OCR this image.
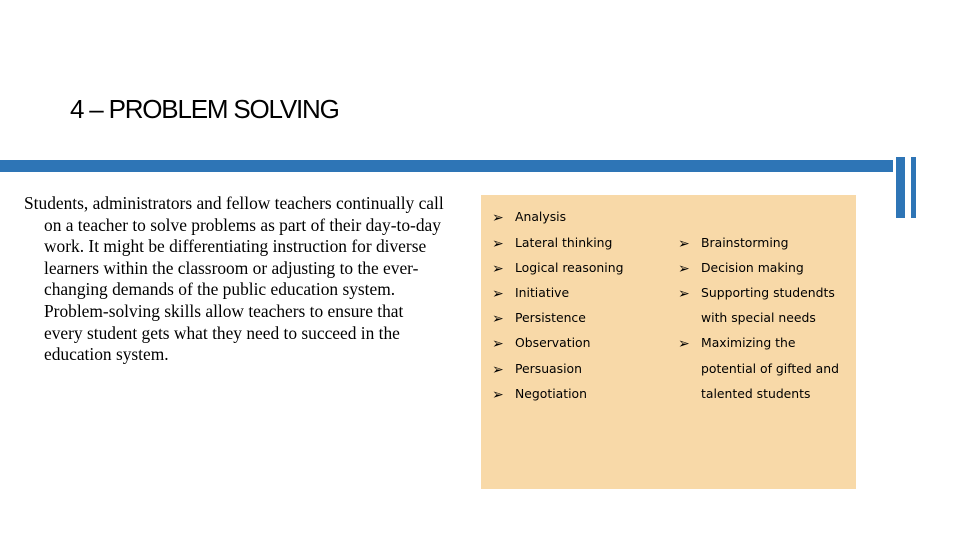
4 – PROBLEM SOLVING

Students, administrators and fellow teachers continually call on a teacher to solve problems as part of their day-to-day work. It might be differentiating instruction for diverse learners within the classroom or adjusting to the ever-changing demands of the public education system. Problem-solving skills allow teachers to ensure that every student gets what they need to succeed in the education system.

➢ Analysis
➢ Lateral thinking
➢ Logical reasoning
➢ Initiative
➢ Persistence
➢ Observation
➢ Persuasion
➢ Negotiation
➢ Brainstorming
➢ Decision making
➢ Supporting studendts
with special needs
➢ Maximizing the
potential of gifted and
talented students
